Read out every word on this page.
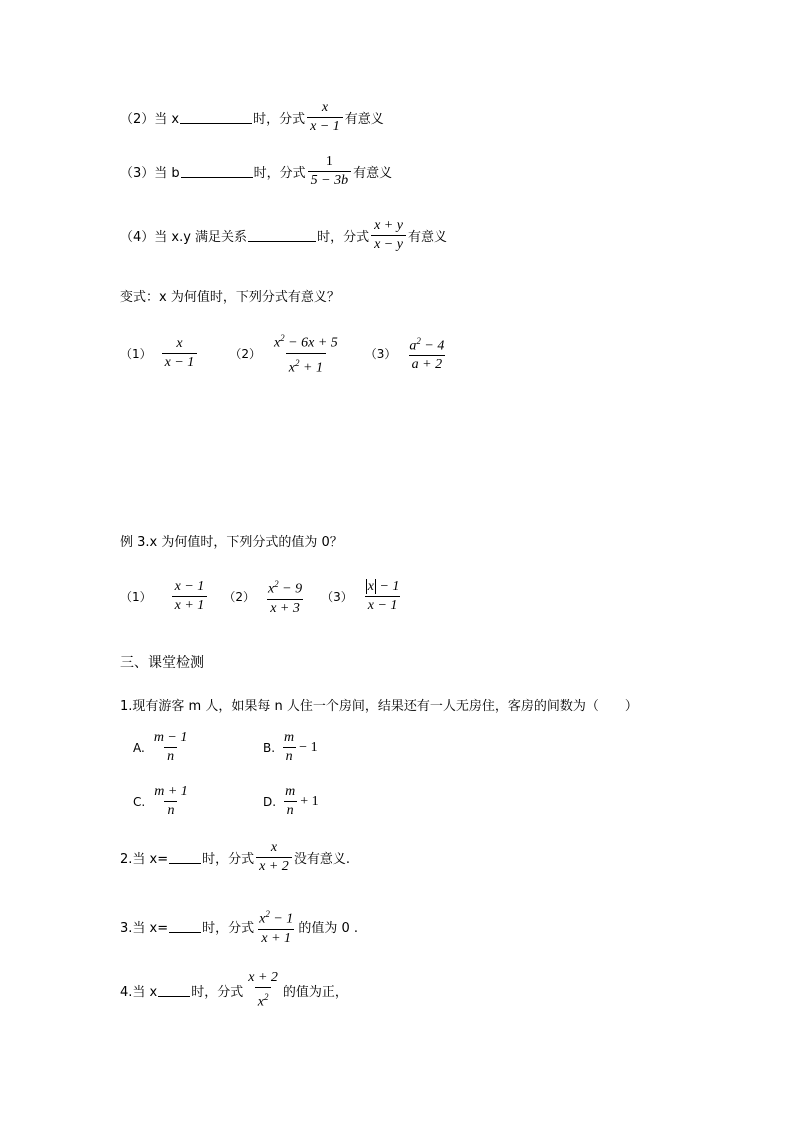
（2）当 x	时，分式 $\frac{x}{x - 1}$ 有意义
（3）当 b	时，分式 $\frac{1}{5 - 3b}$ 有意义
（4）当 x.y 满足关系	时，分式 $\frac{x + y}{x - y}$ 有意义
变式：x 为何值时，下列分式有意义？
$(1) \frac{x}{x - 1}$	$(2) \frac{x^2 - 6x + 5}{x^2 + 1} (3) \frac{a^2 - 4}{a + 2}$
例 3.x 为何值时，下列分式的值为 0？
$(1) \frac{x - 1}{x + 1} (2) \frac{x^2 - 9}{x + 3} (3) \frac{x - 1}{x - 1}$
三、课堂检测
1.现有游客 m 人，如果每 n 人住一个房间，结果还有一人无房住，客房的间数为（　　）
A. $\frac{m - 1}{n}$	B. $\frac{m}{n} - 1$
C. $\frac{m + 1}{n}$	D. $\frac{m}{n} + 1$
2.当 x=	时，分式 $\frac{x}{x + 2}$ 没有意义.
3.当 x=	时，分式 $\frac{x^2 - 1}{x + 1}$ 的值为 0 .
4.当 x	时，分式 $\frac{x + 2}{x^2}$ 的值为正，
